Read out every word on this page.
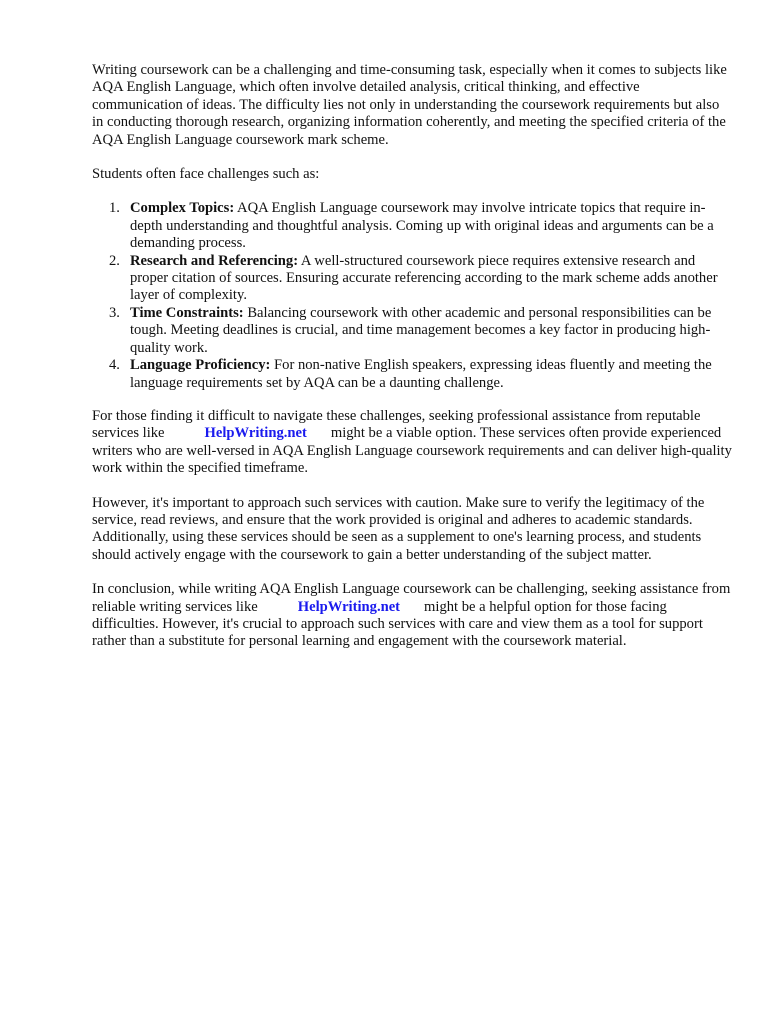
Writing coursework can be a challenging and time-consuming task, especially when it comes to subjects like AQA English Language, which often involve detailed analysis, critical thinking, and effective communication of ideas. The difficulty lies not only in understanding the coursework requirements but also in conducting thorough research, organizing information coherently, and meeting the specified criteria of the AQA English Language coursework mark scheme.

Students often face challenges such as:

1. Complex Topics: AQA English Language coursework may involve intricate topics that require in-depth understanding and thoughtful analysis. Coming up with original ideas and arguments can be a demanding process.
2. Research and Referencing: A well-structured coursework piece requires extensive research and proper citation of sources. Ensuring accurate referencing according to the mark scheme adds another layer of complexity.
3. Time Constraints: Balancing coursework with other academic and personal responsibilities can be tough. Meeting deadlines is crucial, and time management becomes a key factor in producing high-quality work.
4. Language Proficiency: For non-native English speakers, expressing ideas fluently and meeting the language requirements set by AQA can be a daunting challenge.

For those finding it difficult to navigate these challenges, seeking professional assistance from reputable services like	HelpWriting.net might be a viable option. These services often provide experienced writers who are well-versed in AQA English Language coursework requirements and can deliver high-quality work within the specified timeframe.

However, it's important to approach such services with caution. Make sure to verify the legitimacy of the service, read reviews, and ensure that the work provided is original and adheres to academic standards. Additionally, using these services should be seen as a supplement to one's learning process, and students should actively engage with the coursework to gain a better understanding of the subject matter.

In conclusion, while writing AQA English Language coursework can be challenging, seeking assistance from reliable writing services like	HelpWriting.net might be a helpful option for those facing difficulties. However, it's crucial to approach such services with care and view them as a tool for support rather than a substitute for personal learning and engagement with the coursework material.
